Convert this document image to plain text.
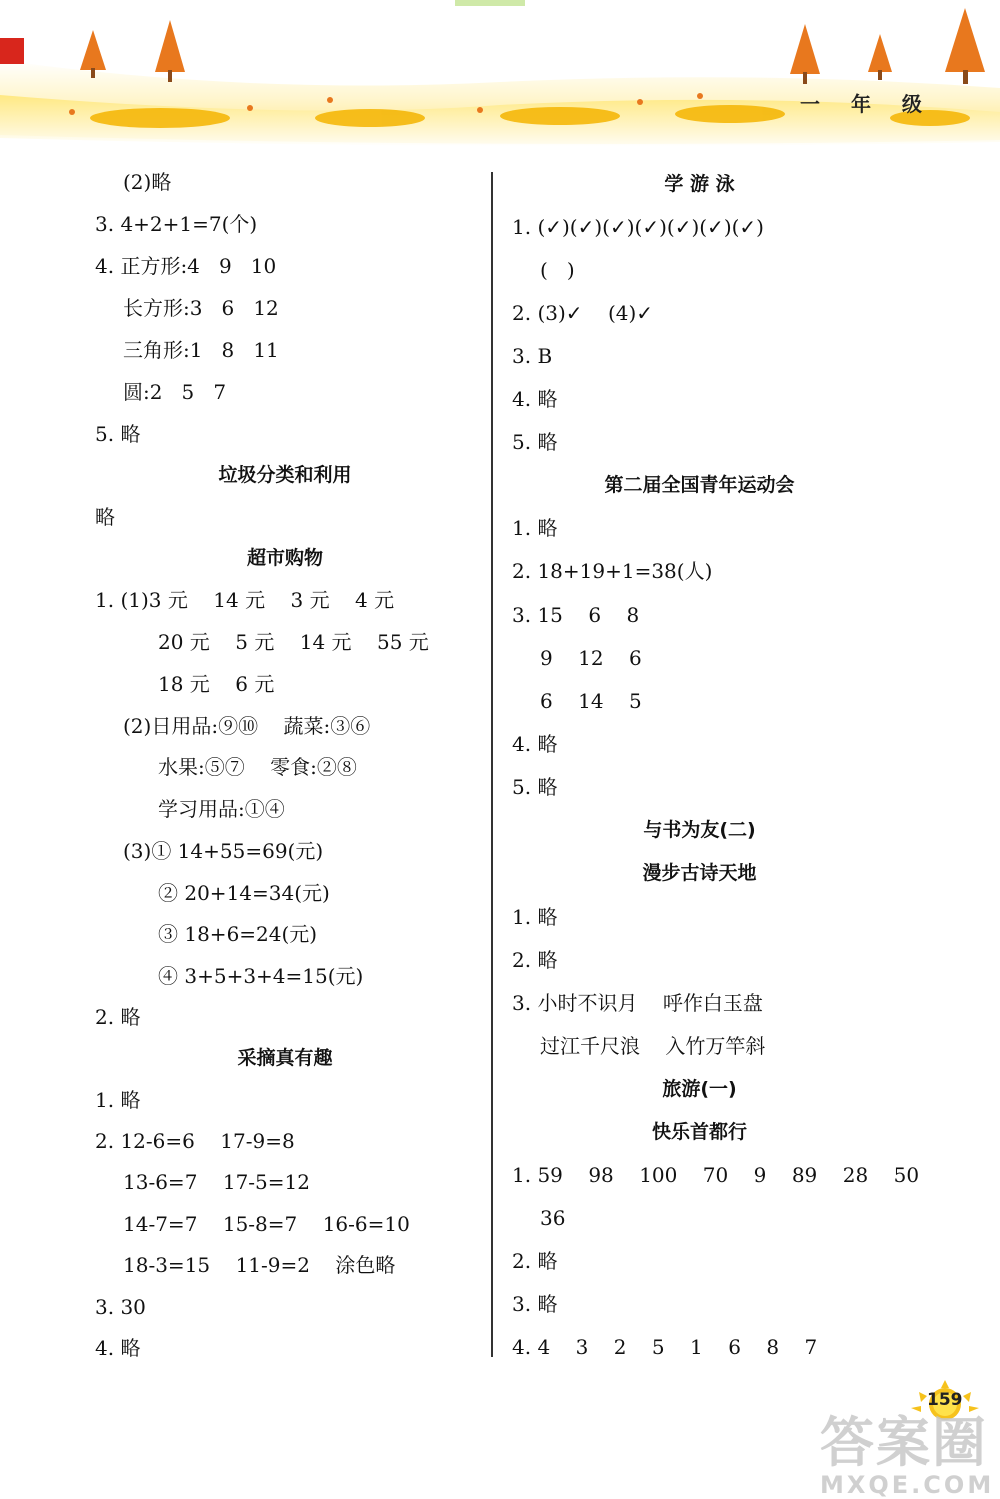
一 年 级
(2)略
3. 4+2+1=7(个)
4. 正方形:4   9   10
长方形:3   6   12
三角形:1   8   11
圆:2   5   7
5. 略
垃圾分类和利用
略
超市购物
1. (1)3 元    14 元    3 元    4 元
20 元    5 元    14 元    55 元
18 元    6 元
(2)日用品:⑨⑩    蔬菜:③⑥
水果:⑤⑦    零食:②⑧
学习用品:①④
(3)① 14+55=69(元)
② 20+14=34(元)
③ 18+6=24(元)
④ 3+5+3+4=15(元)
2. 略
采摘真有趣
1. 略
2. 12-6=6    17-9=8
13-6=7    17-5=12
14-7=7    15-8=7    16-6=10
18-3=15    11-9=2    涂色略
3. 30
4. 略
学 游 泳
1. (✓)(✓)(✓)(✓)(✓)(✓)(✓)
(   )
2. (3)✓    (4)✓
3. B
4. 略
5. 略
第二届全国青年运动会
1. 略
2. 18+19+1=38(人)
3. 15    6    8
9    12    6
6    14    5
4. 略
5. 略
与书为友(二)
漫步古诗天地
1. 略
2. 略
3. 小时不识月    呼作白玉盘
过江千尺浪    入竹万竿斜
旅游(一)
快乐首都行
1. 59    98    100    70    9    89    28    50
36
2. 略
3. 略
4. 4    3    2    5    1    6    8    7
159
答案圈
MXQE.COM
